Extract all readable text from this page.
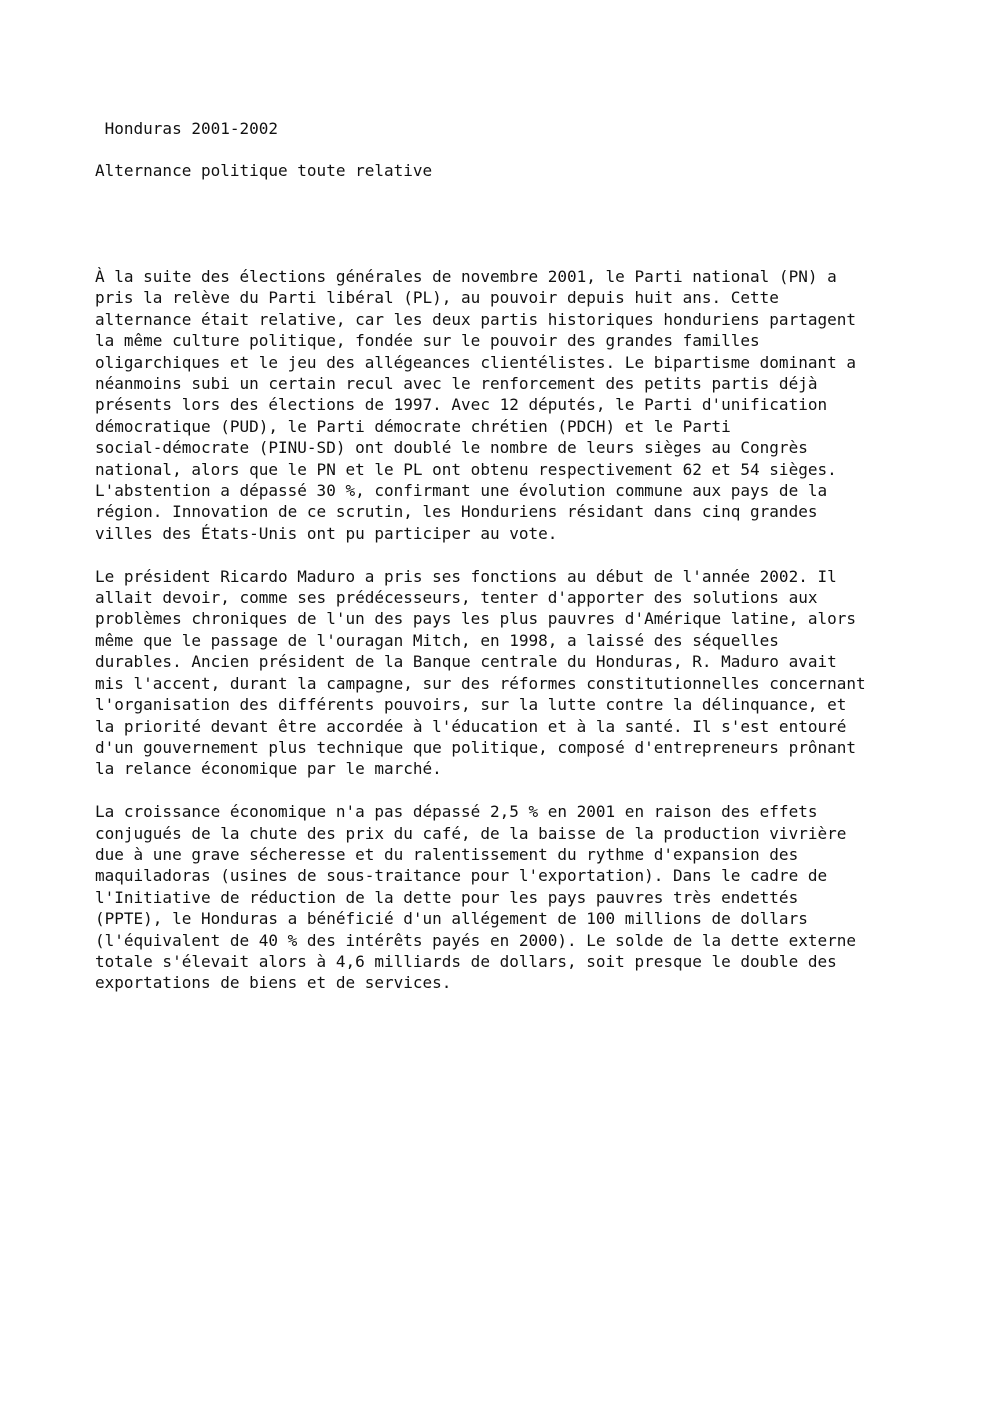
Honduras 2001-2002
Alternance politique toute relative

À la suite des élections générales de novembre 2001, le Parti national (PN) a
pris la relève du Parti libéral (PL), au pouvoir depuis huit ans. Cette
alternance était relative, car les deux partis historiques honduriens partagent
la même culture politique, fondée sur le pouvoir des grandes familles
oligarchiques et le jeu des allégeances clientélistes. Le bipartisme dominant a
néanmoins subi un certain recul avec le renforcement des petits partis déjà
présents lors des élections de 1997. Avec 12 députés, le Parti d'unification
démocratique (PUD), le Parti démocrate chrétien (PDCH) et le Parti
social-démocrate (PINU-SD) ont doublé le nombre de leurs sièges au Congrès
national, alors que le PN et le PL ont obtenu respectivement 62 et 54 sièges.
L'abstention a dépassé 30 %, confirmant une évolution commune aux pays de la
région. Innovation de ce scrutin, les Honduriens résidant dans cinq grandes
villes des États-Unis ont pu participer au vote.

Le président Ricardo Maduro a pris ses fonctions au début de l'année 2002. Il
allait devoir, comme ses prédécesseurs, tenter d'apporter des solutions aux
problèmes chroniques de l'un des pays les plus pauvres d'Amérique latine, alors
même que le passage de l'ouragan Mitch, en 1998, a laissé des séquelles
durables. Ancien président de la Banque centrale du Honduras, R. Maduro avait
mis l'accent, durant la campagne, sur des réformes constitutionnelles concernant
l'organisation des différents pouvoirs, sur la lutte contre la délinquance, et
la priorité devant être accordée à l'éducation et à la santé. Il s'est entouré
d'un gouvernement plus technique que politique, composé d'entrepreneurs prônant
la relance économique par le marché.

La croissance économique n'a pas dépassé 2,5 % en 2001 en raison des effets
conjugués de la chute des prix du café, de la baisse de la production vivrière
due à une grave sécheresse et du ralentissement du rythme d'expansion des
maquiladoras (usines de sous-traitance pour l'exportation). Dans le cadre de
l'Initiative de réduction de la dette pour les pays pauvres très endettés
(PPTE), le Honduras a bénéficié d'un allégement de 100 millions de dollars
(l'équivalent de 40 % des intérêts payés en 2000). Le solde de la dette externe
totale s'élevait alors à 4,6 milliards de dollars, soit presque le double des
exportations de biens et de services.
